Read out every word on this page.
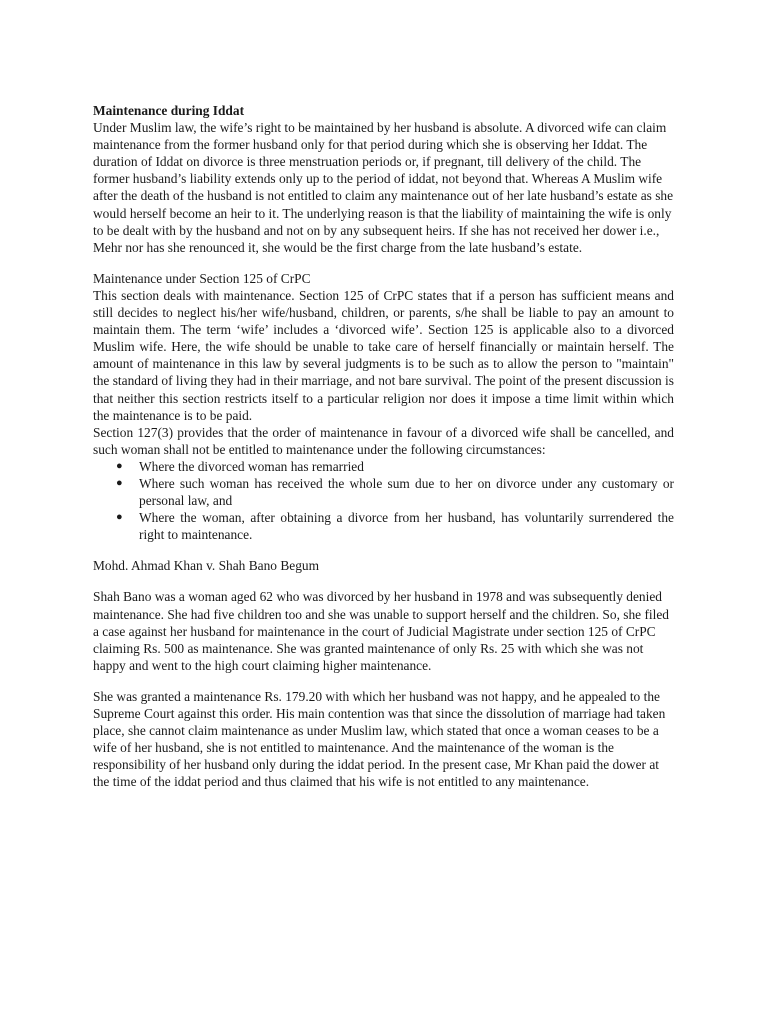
Maintenance during Iddat

Under Muslim law, the wife’s right to be maintained by her husband is absolute. A divorced wife can claim maintenance from the former husband only for that period during which she is observing her Iddat. The duration of Iddat on divorce is three menstruation periods or, if pregnant, till delivery of the child. The former husband’s liability extends only up to the period of iddat, not beyond that. Whereas A Muslim wife after the death of the husband is not entitled to claim any maintenance out of her late husband’s estate as she would herself become an heir to it. The underlying reason is that the liability of maintaining the wife is only to be dealt with by the husband and not on by any subsequent heirs. If she has not received her dower i.e., Mehr nor has she renounced it, she would be the first charge from the late husband’s estate.

Maintenance under Section 125 of CrPC

This section deals with maintenance. Section 125 of CrPC states that if a person has sufficient means and still decides to neglect his/her wife/husband, children, or parents, s/he shall be liable to pay an amount to maintain them. The term ‘wife’ includes a ‘divorced wife’. Section 125 is applicable also to a divorced Muslim wife. Here, the wife should be unable to take care of herself financially or maintain herself. The amount of maintenance in this law by several judgments is to be such as to allow the person to "maintain" the standard of living they had in their marriage, and not bare survival. The point of the present discussion is that neither this section restricts itself to a particular religion nor does it impose a time limit within which the maintenance is to be paid.

Section 127(3) provides that the order of maintenance in favour of a divorced wife shall be cancelled, and such woman shall not be entitled to maintenance under the following circumstances:

● Where the divorced woman has remarried
● Where such woman has received the whole sum due to her on divorce under any customary or personal law, and
● Where the woman, after obtaining a divorce from her husband, has voluntarily surrendered the right to maintenance.

Mohd. Ahmad Khan v. Shah Bano Begum

Shah Bano was a woman aged 62 who was divorced by her husband in 1978 and was subsequently denied maintenance. She had five children too and she was unable to support herself and the children. So, she filed a case against her husband for maintenance in the court of Judicial Magistrate under section 125 of CrPC claiming Rs. 500 as maintenance. She was granted maintenance of only Rs. 25 with which she was not happy and went to the high court claiming higher maintenance.

She was granted a maintenance Rs. 179.20 with which her husband was not happy, and he appealed to the Supreme Court against this order. His main contention was that since the dissolution of marriage had taken place, she cannot claim maintenance as under Muslim law, which stated that once a woman ceases to be a wife of her husband, she is not entitled to maintenance. And the maintenance of the woman is the responsibility of her husband only during the iddat period. In the present case, Mr Khan paid the dower at the time of the iddat period and thus claimed that his wife is not entitled to any maintenance.
